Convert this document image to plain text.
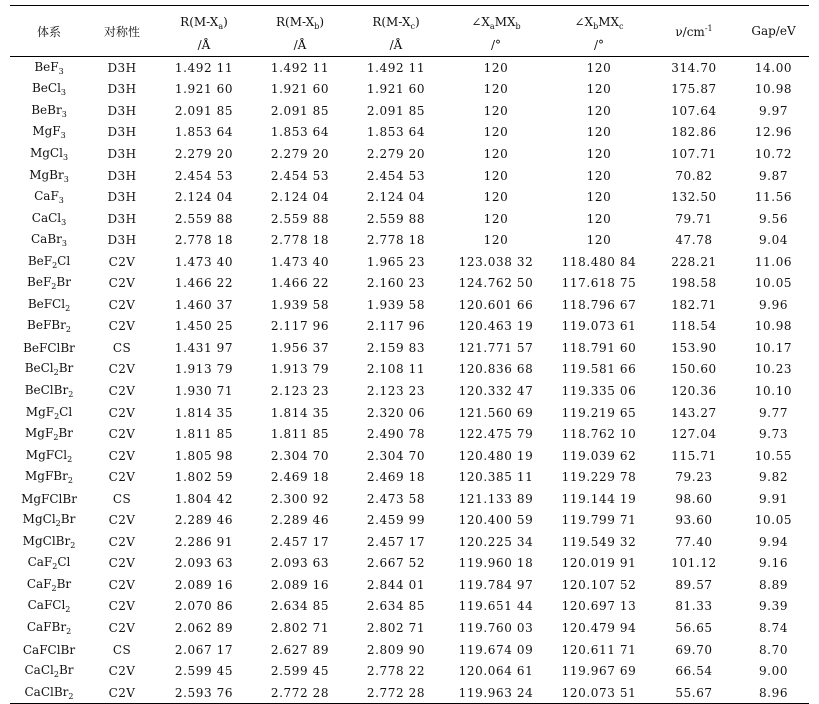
体系	对称性	$R(M-X_a)$	$R(M-X_b)$	$R(M-X_c)$	$\angle X_aMX_b$	$\angle X_bMX_c$	$\nu/cm^{-1}$	Gap/eV
		/Å	/Å	/Å	/°	/°		
BeF$_3$	D3H	1.492 11	1.492 11	1.492 11	120	120	314.70	14.00
BeCl$_3$	D3H	1.921 60	1.921 60	1.921 60	120	120	175.87	10.98
BeBr$_3$	D3H	2.091 85	2.091 85	2.091 85	120	120	107.64	9.97
MgF$_3$	D3H	1.853 64	1.853 64	1.853 64	120	120	182.86	12.96
MgCl$_3$	D3H	2.279 20	2.279 20	2.279 20	120	120	107.71	10.72
MgBr$_3$	D3H	2.454 53	2.454 53	2.454 53	120	120	70.82	9.87
CaF$_3$	D3H	2.124 04	2.124 04	2.124 04	120	120	132.50	11.56
CaCl$_3$	D3H	2.559 88	2.559 88	2.559 88	120	120	79.71	9.56
CaBr$_3$	D3H	2.778 18	2.778 18	2.778 18	120	120	47.78	9.04
BeF$_2$Cl	C2V	1.473 40	1.473 40	1.965 23	123.038 32	118.480 84	228.21	11.06
BeF$_2$Br	C2V	1.466 22	1.466 22	2.160 23	124.762 50	117.618 75	198.58	10.05
BeFCl$_2$	C2V	1.460 37	1.939 58	1.939 58	120.601 66	118.796 67	182.71	9.96
BeFBr$_2$	C2V	1.450 25	2.117 96	2.117 96	120.463 19	119.073 61	118.54	10.98
BeFClBr	CS	1.431 97	1.956 37	2.159 83	121.771 57	118.791 60	153.90	10.17
BeCl$_2$Br	C2V	1.913 79	1.913 79	2.108 11	120.836 68	119.581 66	150.60	10.23
BeClBr$_2$	C2V	1.930 71	2.123 23	2.123 23	120.332 47	119.335 06	120.36	10.10
MgF$_2$Cl	C2V	1.814 35	1.814 35	2.320 06	121.560 69	119.219 65	143.27	9.77
MgF$_2$Br	C2V	1.811 85	1.811 85	2.490 78	122.475 79	118.762 10	127.04	9.73
MgFCl$_2$	C2V	1.805 98	2.304 70	2.304 70	120.480 19	119.039 62	115.71	10.55
MgFBr$_2$	C2V	1.802 59	2.469 18	2.469 18	120.385 11	119.229 78	79.23	9.82
MgFClBr	CS	1.804 42	2.300 92	2.473 58	121.133 89	119.144 19	98.60	9.91
MgCl$_2$Br	C2V	2.289 46	2.289 46	2.459 99	120.400 59	119.799 71	93.60	10.05
MgClBr$_2$	C2V	2.286 91	2.457 17	2.457 17	120.225 34	119.549 32	77.40	9.94
CaF$_2$Cl	C2V	2.093 63	2.093 63	2.667 52	119.960 18	120.019 91	101.12	9.16
CaF$_2$Br	C2V	2.089 16	2.089 16	2.844 01	119.784 97	120.107 52	89.57	8.89
CaFCl$_2$	C2V	2.070 86	2.634 85	2.634 85	119.651 44	120.697 13	81.33	9.39
CaFBr$_2$	C2V	2.062 89	2.802 71	2.802 71	119.760 03	120.479 94	56.65	8.74
CaFClBr	CS	2.067 17	2.627 89	2.809 90	119.674 09	120.611 71	69.70	8.70
CaCl$_2$Br	C2V	2.599 45	2.599 45	2.778 22	120.064 61	119.967 69	66.54	9.00
CaClBr$_2$	C2V	2.593 76	2.772 28	2.772 28	119.963 24	120.073 51	55.67	8.96
